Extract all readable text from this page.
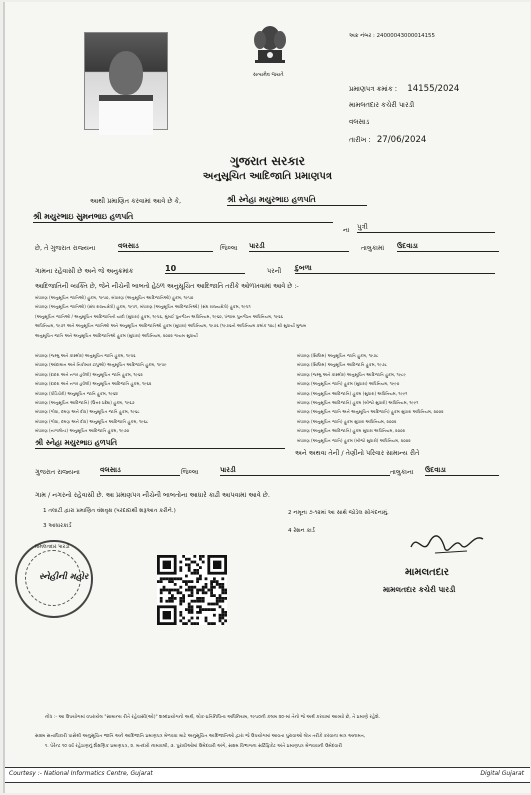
સત્યમેવ જયતે
અક્ર નંબર : 24000043000014155
પ્રમાણપત્ર ક્રમાંક : 14155/2024
મામલતદાર કચેરી પારડી
વલસાડ
તારીખ : 27/06/2024
ગુજરાત સરકાર
અનુસૂચિત આદિજાતિ પ્રમાણપત્ર
આથી પ્રમાણિત કરવામાં આવે છે કે,	શ્રી સ્નેહા મયુરભાઇ હળપતિ
શ્રી મયુરભાઇ સુમનભાઇ હળપતિ
ના પુત્રી
છે, તે ગુજરાત રાજ્યના	વલસાડ	જિલ્લા પારડી	તાલુકામાં ઉદવાડા
ગામના રહેવાસી છે અને જે અનુક્રમાંક	10	પરની દુબળા
આદિજાતિની વ્યક્તિ છે, જેને નીચેની બાબતો હેઠળ અનુસૂચિત આદિજાતિ તરીકે ઓળખવામાં આવે છે :-
બંધારણ (અનુસૂચિત જાતિઓ) હુકમ, ૧૯૫૦, બંધારણ (અનુસૂચિત આદિજાતિઓ) હુકમ, ૧૯૫૦
બંધારણ (અનુસૂચિત જાતિઓ) (સંઘ રાજ્યક્ષેત્રો) હુકમ, ૧૯૫૧, બંધારણ (અનુસૂચિત આદિજાતિઓ) (સંઘ રાજ્યક્ષેત્રો) હુકમ, ૧૯૫૧
(અનુસૂચિત જાતિઓ / અનુસૂચિત આદિજાતિની યાદી (સુધારા) હુકમ, ૧૯૫૬, મુંબઈ પુનર્ગઠન અધિનિયમ, ૧૯૬૦, પંજાબ પુનર્ગઠન અધિનિયમ, ૧૯૬૬
અધિનિયમ, ૧૯૭૧ અને અનુસૂચિત જાતિઓ અને અનુસૂચિત આદિજાતિઓ હુકમ (સુધારા) અધિનિયમ, ૧૯૭૬ (૧૯૭૬નો અધિનિયમ ક્રમાંક ૧૦૮) થી સુધાર્યા મુજબ
અનુસૂચિત જાતિ અને અનુસૂચિત આદિજાતિઓ હુકમ (સુધારા) અધિનિયમ, ૨૦૦૨ ગાયબ સુધાર્યા
બંધારણ (જમ્મુ અને કાશ્મીર) અનુસૂચિત જાતિ હુકમ, ૧૯૫૬
બંધારણ (આંદામાન અને નિકોબાર ટાપુઓ) અનુસૂચિત આદિજાતિ હુકમ, ૧૯૫૯
બંધારણ (દાદરા અને નગર હવેલી) અનુસૂચિત જાતિ હુકમ, ૧૯૬૨
બંધારણ (દાદરા અને નગર હવેલી) અનુસૂચિત આદિજાતિ હુકમ, ૧૯૬૨
બંધારણ (પોંડિચેરી) અનુસૂચિત જાતિ હુકમ, ૧૯૬૪
બંધારણ (અનુસૂચિત આદિજાતિ) (ઉત્તર પ્રદેશ) હુકમ, ૧૯૬૭
બંધારણ (ગોવા, દમણ અને દીવ) અનુસૂચિત જાતિ હુકમ, ૧૯૬૮
બંધારણ (ગોવા, દમણ અને દીવ) અનુસૂચિત આદિજાતિ હુકમ, ૧૯૬૮
બંધારણ (નાગાલેન્ડ) અનુસૂચિત આદિજાતિ હુકમ, ૧૯૭૦
બંધારણ (સિક્કિમ) અનુસૂચિત જાતિ હુકમ, ૧૯૭૮
બંધારણ (સિક્કિમ) અનુસૂચિત આદિજાતિ હુકમ, ૧૯૭૮
બંધારણ (જમ્મુ અને કાશ્મીર) અનુસૂચિત આદિજાતિ હુકમ, ૧૯૮૯
બંધારણ (અનુસૂચિત જાતિ) હુકમ (સુધારા) અધિનિયમ, ૧૯૯૦
બંધારણ (અનુસૂચિત આદિજાતિ) હુકમ (સુધારા) અધિનિયમ, ૧૯૯૧
બંધારણ (અનુસૂચિત આદિજાતિ) હુકમ (બીજો સુધારો) અધિનિયમ, ૧૯૯૧
બંધારણ (અનુસૂચિત જાતિ અને અનુસૂચિત આદિજાતિ) હુકમ સુધારા અધિનિયમ, ૨૦૦૨
બંધારણ (અનુસૂચિત જાતિ) હુકમ સુધારા અધિનિયમ, ૨૦૦૨
બંધારણ (અનુસૂચિત આદિજાતિ) હુકમ સુધારા અધિનિયમ, ૨૦૦૨
બંધારણ (અનુસૂચિત જાતિ) હુકમ (બીજો સુધારો) અધિનિયમ, ૨૦૦૨
શ્રી સ્નેહા મયુરભાઇ હળપતિ
અને અથવા તેની / તેણીનો પરિવાર સામાન્ય રીતે
ગુજરાત રાજ્યના	વલસાડ	જિલ્લા	પારડી	તાલુકાના ઉદવાડા
ગામ / નગરનો રહેવાસી છે. આ પ્રમાણપત્ર નીચેની બાબતોના આધારે કાઢી આપવામાં આવે છે.
1 તલાટી દ્વારા પ્રમાણિત વંશવૃક્ષ (પરદાદાથી શરૂઆત કરીને.)	2 નમૂના ૭-૧૨માં આ સાથે જોડેલ સોગંદનામું.
3 આધારકાર્ડ
4 રેશન કાર્ડ
મામલતદાર પારડી
સ્નેહીની મહોર	મામલતદાર
મામલતદાર કચેરી પારડી
નોંધ :- આ ઉપયોગમાં વપરાયેલ "સામાન્ય રીતે રહેવાસી(ઓ)" શબ્દપ્રયોગનો અર્થ, લોક-પ્રતિનિધિત્વ અધિનિયમ, ૧૯૫૦ની કલમ ૨૦-માં તેનો જે અર્થ કરવામાં આવ્યો છે, તે પ્રમાણે રહેશે.
સક્ષમ સત્તાધિકારી પાસેથી અનુસૂચિત જાતિ અને આદિજાતિ પ્રમાણપત્ર મેળવવા માટે અનુસૂચિત આદિજાતિઓ દ્વારા જે ઉપયોગમાં આવતા પુરાવાઓ લેખ તરીકે કરવાના માત્ર અનામત,
૧. પેરેન્ટ ૧૦ વર્ષ રહેઠાણનું શૈક્ષણિક પ્રમાણપત્ર, ૨. મતદારો નામાવલી, ૩. પુરાવીઓમાં ઉમેદવારી અંગે, સક્ષમ વિભાગના સર્ટિફિકેટ અંતે પ્રમાણપત્ર મેળવવાની ઉમેદવારી
Courtesy :- National Informatics Centre, Gujarat	Digital Gujarat
